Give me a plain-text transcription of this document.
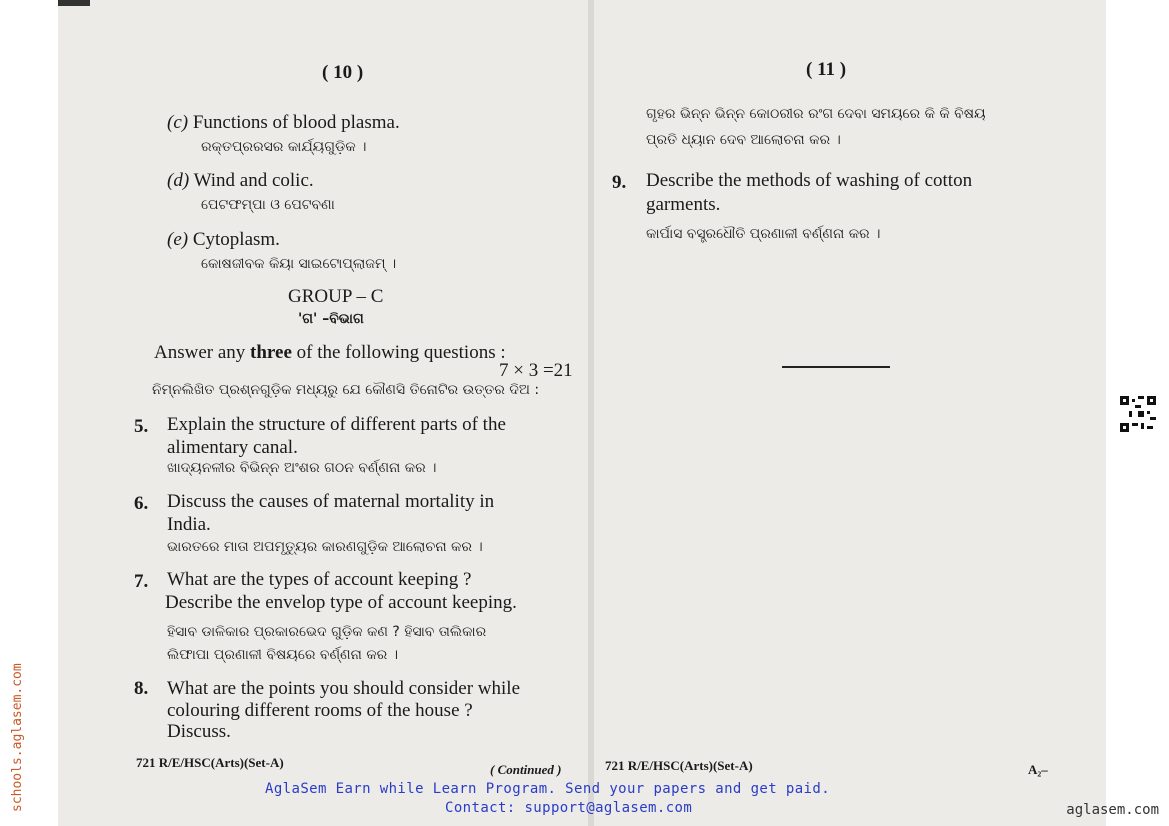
( 10 )
(c) Functions of blood plasma.
ରକ୍ତପ୍ରରସର କାର୍ଯ୍ୟଗୁଡ଼ିକ ।
(d) Wind and colic.
ପେଟଫମ୍ପା ଓ ପେଟବଣା
(e) Cytoplasm.
କୋଷଜୀବକ କିୟା ସାଇଟୋପ୍ଲାଜମ୍ ।
GROUP – C
'ଗ' –ବିଭାଗ
Answer any three of the following questions :
7 × 3 =21
ନିମ୍ନଲିଖିତ ପ୍ରଶ୍ନଗୁଡ଼ିକ ମଧ୍ୟରୁ ଯେ କୌଣସି ତିନୋଟିର ଉତ୍ତର ଦିଅ :
5. Explain the structure of different parts of the
alimentary canal.
ଖାଦ୍ୟନଳୀର ବିଭିନ୍ନ ଅଂଶର ଗଠନ ବର୍ଣ୍ଣନା କର ।
6. Discuss the causes of maternal mortality in
India.
ଭାରତରେ ମାତା ଅପମୃତ୍ୟୁର କାରଣଗୁଡ଼ିକ ଆଲୋଚନା କର ।
7. What are the types of account keeping ?
Describe the envelop type of account keeping.
ହିସାବ ଡାଳିକାର ପ୍ରକାରଭେଦ ଗୁଡ଼ିକ କଣ ? ହିସାବ ତାଲିକାର
ଲିଫାପା ପ୍ରଣାଳୀ ବିଷୟରେ ବର୍ଣ୍ଣନା କର ।
8. What are the points you should consider while
colouring different rooms of the house ?
Discuss.
721 R/E/HSC(Arts)(Set-A)	( Continued )
( 11 )
ଗୃହର ଭିନ୍ନ ଭିନ୍ନ କୋଠରୀର ରଂଗ ଦେବା ସମୟରେ କି କି ବିଷୟ
ପ୍ରତି ଧ୍ୟାନ ଦେବ ଆଲୋଚନା କର ।
9. Describe the methods of washing of cotton
garments.
କାର୍ପାସ ବସ୍ତ୍ରଧୌତି ପ୍ରଣାଳୀ ବର୍ଣ୍ଣନା କର ।
721 R/E/HSC(Arts)(Set-A)	A₂–
AglaSem Earn while Learn Program. Send your papers and get paid.
Contact: support@aglasem.com
schools.aglasem.com	aglasem.com
